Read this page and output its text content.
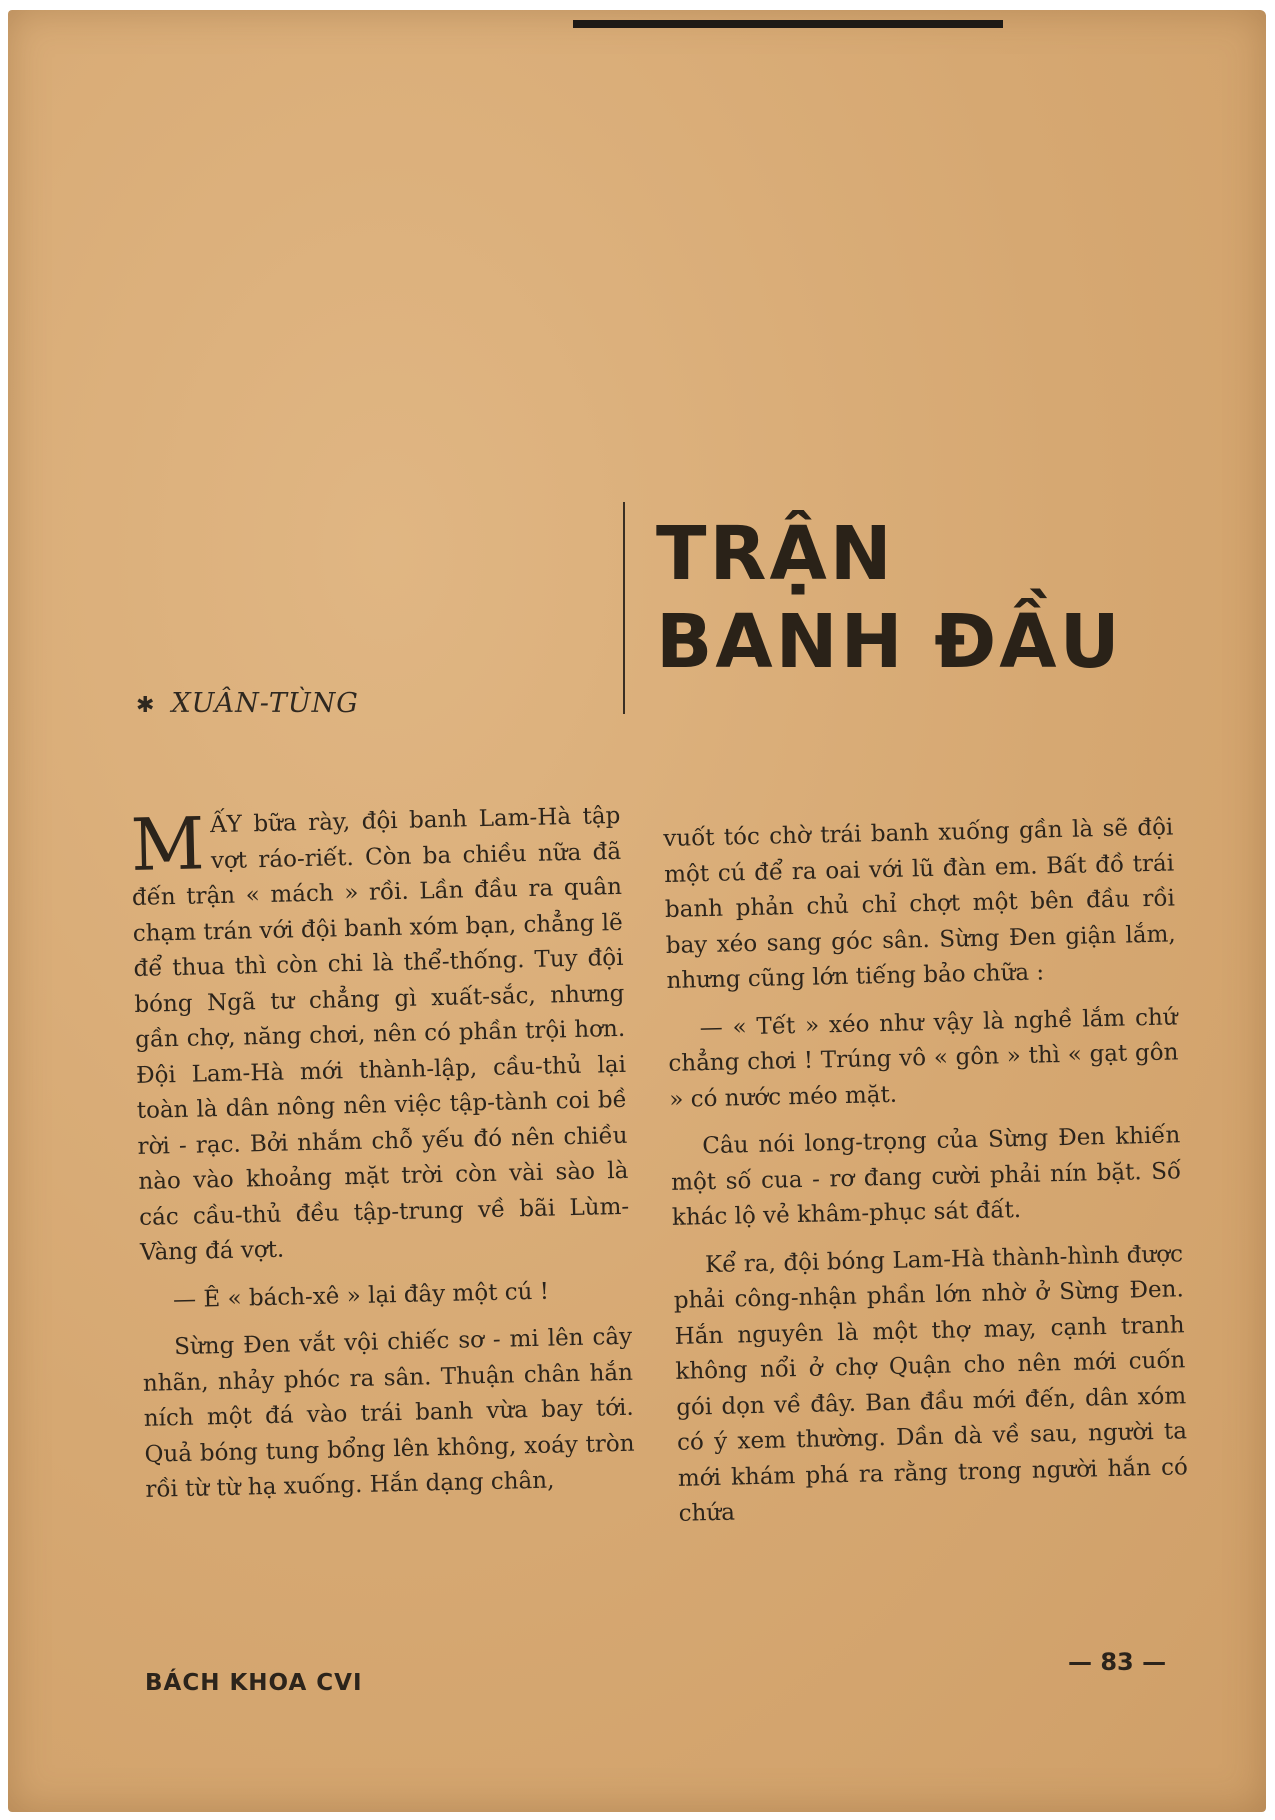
✱ XUÂN-TÙNG
TRẬN
BANH ĐẦU

MẤY bữa rày, đội banh Lam-Hà tập vợt ráo-riết. Còn ba chiều nữa đã đến trận « mách » rồi. Lần đầu ra quân chạm trán với đội banh xóm bạn, chẳng lẽ để thua thì còn chi là thể-thống. Tuy đội bóng Ngã tư chẳng gì xuất-sắc, nhưng gần chợ, năng chơi, nên có phần trội hơn. Đội Lam-Hà mới thành-lập, cầu-thủ lại toàn là dân nông nên việc tập-tành coi bề rời - rạc. Bởi nhắm chỗ yếu đó nên chiều nào vào khoảng mặt trời còn vài sào là các cầu-thủ đều tập-trung về bãi Lùm-Vàng đá vợt.

— Ê « bách-xê » lại đây một cú !

Sừng Đen vắt vội chiếc sơ - mi lên cây nhãn, nhảy phóc ra sân. Thuận chân hắn ních một đá vào trái banh vừa bay tới. Quả bóng tung bổng lên không, xoáy tròn rồi từ từ hạ xuống. Hắn dạng chân,

vuốt tóc chờ trái banh xuống gần là sẽ đội một cú để ra oai với lũ đàn em. Bất đồ trái banh phản chủ chỉ chợt một bên đầu rồi bay xéo sang góc sân. Sừng Đen giận lắm, nhưng cũng lớn tiếng bảo chữa :

— « Tết » xéo như vậy là nghề lắm chứ chẳng chơi ! Trúng vô « gôn » thì « gạt gôn » có nước méo mặt.

Câu nói long-trọng của Sừng Đen khiến một số cua - rơ đang cười phải nín bặt. Số khác lộ vẻ khâm-phục sát đất.

Kể ra, đội bóng Lam-Hà thành-hình được phải công-nhận phần lớn nhờ ở Sừng Đen. Hắn nguyên là một thợ may, cạnh tranh không nổi ở chợ Quận cho nên mới cuốn gói dọn về đây. Ban đầu mới đến, dân xóm có ý xem thường. Dần dà về sau, người ta mới khám phá ra rằng trong người hắn có chứa

BÁCH KHOA CVI
— 83 —
